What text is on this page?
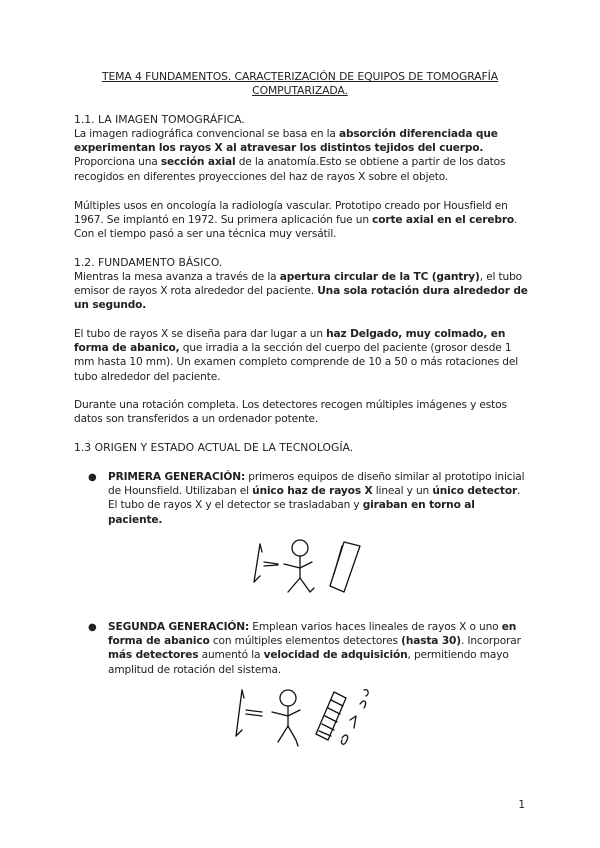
TEMA 4 FUNDAMENTOS. CARACTERIZACIÓN DE EQUIPOS DE TOMOGRAFÍA COMPUTARIZADA.
1.1. LA IMAGEN TOMOGRÁFICA.
La imagen radiográfica convencional se basa en la absorción diferenciada que experimentan los rayos X al atravesar los distintos tejidos del cuerpo. Proporciona una sección axial de la anatomía.Esto se obtiene a partir de los datos recogidos en diferentes proyecciones del haz de rayos X sobre el objeto.
Múltiples usos en oncología la radiología vascular. Prototipo creado por Housfield en 1967. Se implantó en 1972. Su primera aplicación fue un corte axial en el cerebro. Con el tiempo pasó a ser una técnica muy versátil.
1.2. FUNDAMENTO BÁSICO.
Mientras la mesa avanza a través de la apertura circular de la TC (gantry), el tubo emisor de rayos X rota alrededor del paciente. Una sola rotación dura alrededor de un segundo.
El tubo de rayos X se diseña para dar lugar a un haz Delgado, muy colmado, en forma de abanico, que irradia a la sección del cuerpo del paciente (grosor desde 1 mm hasta 10 mm). Un examen completo comprende de 10 a 50 o más rotaciones del tubo alrededor del paciente.
Durante una rotación completa. Los detectores recogen múltiples imágenes y estos datos son transferidos a un ordenador potente.
1.3 ORIGEN Y ESTADO ACTUAL DE LA TECNOLOGÍA.
● PRIMERA GENERACIÓN: primeros equipos de diseño similar al prototipo inicial de Hounsfield. Utilizaban el único haz de rayos X lineal y un único detector. El tubo de rayos X y el detector se trasladaban y giraban en torno al paciente.
● SEGUNDA GENERACIÓN: Emplean varios haces lineales de rayos X o uno en forma de abanico con múltiples elementos detectores (hasta 30). Incorporar más detectores aumentó la velocidad de adquisición, permitiendo mayo amplitud de rotación del sistema.
1
